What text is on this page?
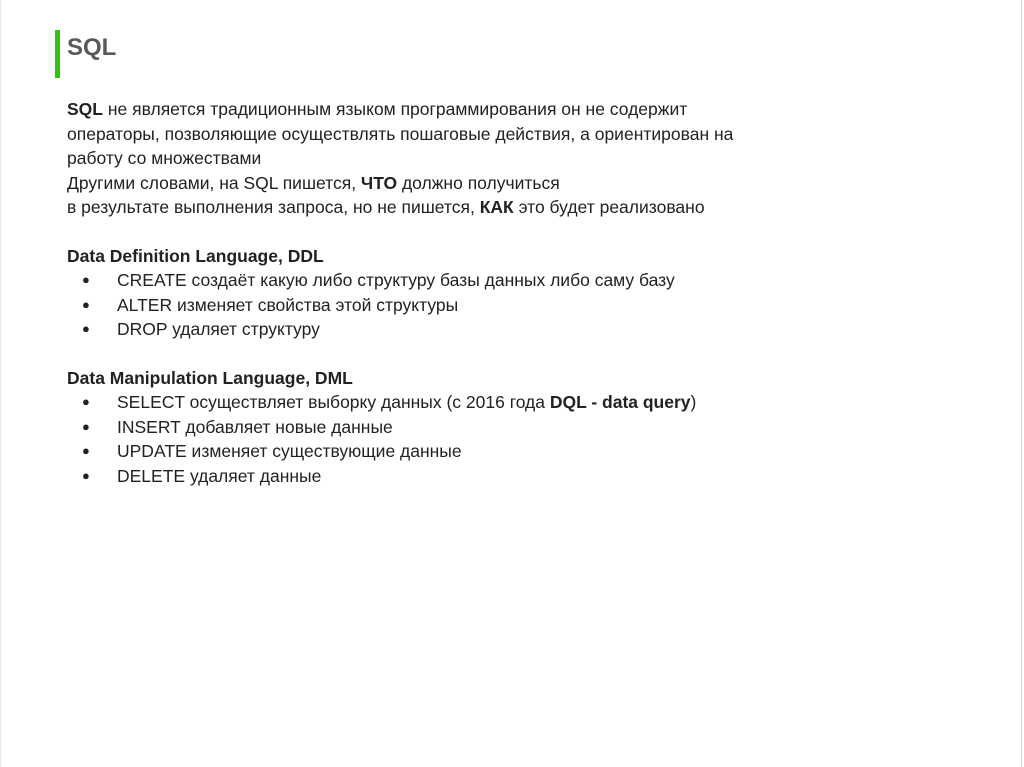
SQL

SQL не является традиционным языком программирования он не содержит

операторы, позволяющие осуществлять пошаговые действия, а ориентирован на

работу со множествами

Другими словами, на SQL пишется, ЧТО должно получиться

в результате выполнения запроса, но не пишется, КАК это будет реализовано

Data Definition Language, DDL

● CREATE создаёт какую либо структуру базы данных либо саму базу
● ALTER изменяет свойства этой структуры
● DROP удаляет структуру

Data Manipulation Language, DML

● SELECT осуществляет выборку данных (с 2016 года DQL - data query)
● INSERT добавляет новые данные
● UPDATE изменяет существующие данные
● DELETE удаляет данные
